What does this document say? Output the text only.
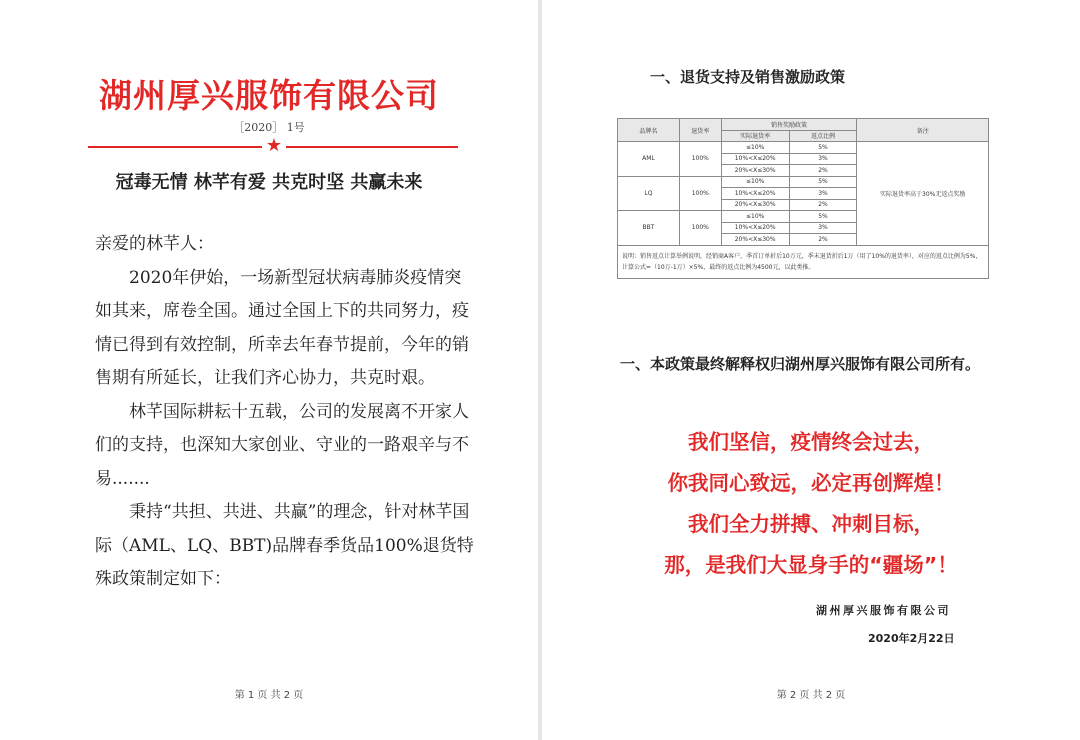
湖州厚兴服饰有限公司
［2020］ 1号
★
冠毒无情 林芊有爱 共克时坚 共赢未来

亲爱的林芊人：

2020年伊始，一场新型冠状病毒肺炎疫情突如其来，席卷全国。通过全国上下的共同努力，疫情已得到有效控制，所幸去年春节提前，今年的销售期有所延长，让我们齐心协力，共克时艰。

林芊国际耕耘十五载，公司的发展离不开家人们的支持，也深知大家创业、守业的一路艰辛与不易.......

秉持“共担、共进、共赢”的理念，针对林芊国际（AML、LQ、BBT)品牌春季货品100%退货特殊政策制定如下：

第 1 页 共 2 页
一、退货支持及销售激励政策
品牌名	退货率	销售奖励政策		备注
		实际退货率	返点比例	
AML	100%	≤10%	5%	实际退货率高于30%无返点奖励
		10%<X≤20%	3%	
		20%<X≤30%	2%	
LQ	100%	≤10%	5%	
		10%<X≤20%	3%	
		20%<X≤30%	2%	
BBT	100%	≤10%	5%	
		10%<X≤20%	3%	
		20%<X≤30%	2%	
说明：销售返点计算举例说明，经销商A客户，季首订单折后10万元，季末退货折后1万（用了10%的退货率），对应的返点比例为5%，计算公式=（10万-1万）×5%，最终的返点比例为4500元，以此类推。				
一、本政策最终解释权归湖州厚兴服饰有限公司所有。
我们坚信，疫情终会过去，
你我同心致远，必定再创辉煌！
我们全力拼搏、冲刺目标，
那，是我们大显身手的“疆场”！
湖州厚兴服饰有限公司
2020年2月22日
第 2 页 共 2 页
